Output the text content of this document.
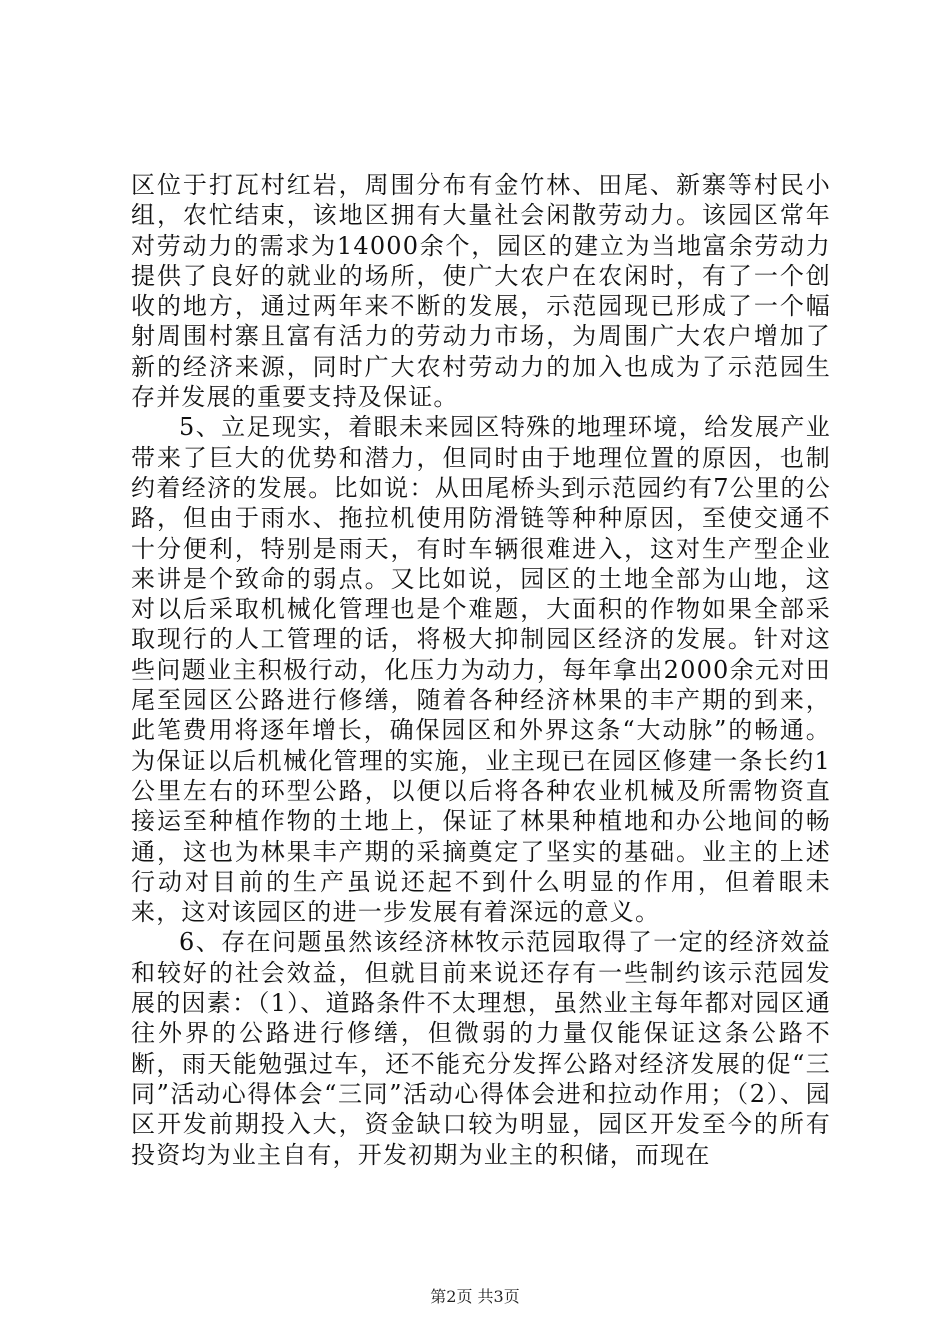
区位于打瓦村红岩，周围分布有金竹林、田尾、新寨等村民小组，农忙结束，该地区拥有大量社会闲散劳动力。该园区常年对劳动力的需求为14000余个，园区的建立为当地富余劳动力提供了良好的就业的场所，使广大农户在农闲时，有了一个创收的地方，通过两年来不断的发展，示范园现已形成了一个幅射周围村寨且富有活力的劳动力市场，为周围广大农户增加了新的经济来源，同时广大农村劳动力的加入也成为了示范园生存并发展的重要支持及保证。

5、立足现实，着眼未来园区特殊的地理环境，给发展产业带来了巨大的优势和潜力，但同时由于地理位置的原因，也制约着经济的发展。比如说：从田尾桥头到示范园约有7公里的公路，但由于雨水、拖拉机使用防滑链等种种原因，至使交通不十分便利，特别是雨天，有时车辆很难进入，这对生产型企业来讲是个致命的弱点。又比如说，园区的土地全部为山地，这对以后采取机械化管理也是个难题，大面积的作物如果全部采取现行的人工管理的话，将极大抑制园区经济的发展。针对这些问题业主积极行动，化压力为动力，每年拿出2000余元对田尾至园区公路进行修缮，随着各种经济林果的丰产期的到来，此笔费用将逐年增长，确保园区和外界这条“大动脉”的畅通。为保证以后机械化管理的实施，业主现已在园区修建一条长约1公里左右的环型公路，以便以后将各种农业机械及所需物资直接运至种植作物的土地上，保证了林果种植地和办公地间的畅通，这也为林果丰产期的采摘奠定了坚实的基础。业主的上述行动对目前的生产虽说还起不到什么明显的作用，但着眼未来，这对该园区的进一步发展有着深远的意义。

6、存在问题虽然该经济林牧示范园取得了一定的经济效益和较好的社会效益，但就目前来说还存有一些制约该示范园发展的因素：（1）、道路条件不太理想，虽然业主每年都对园区通往外界的公路进行修缮，但微弱的力量仅能保证这条公路不断，雨天能勉强过车，还不能充分发挥公路对经济发展的促“三同”活动心得体会“三同”活动心得体会进和拉动作用；（2）、园区开发前期投入大，资金缺口较为明显，园区开发至今的所有投资均为业主自有，开发初期为业主的积储，而现在

第2页 共3页
